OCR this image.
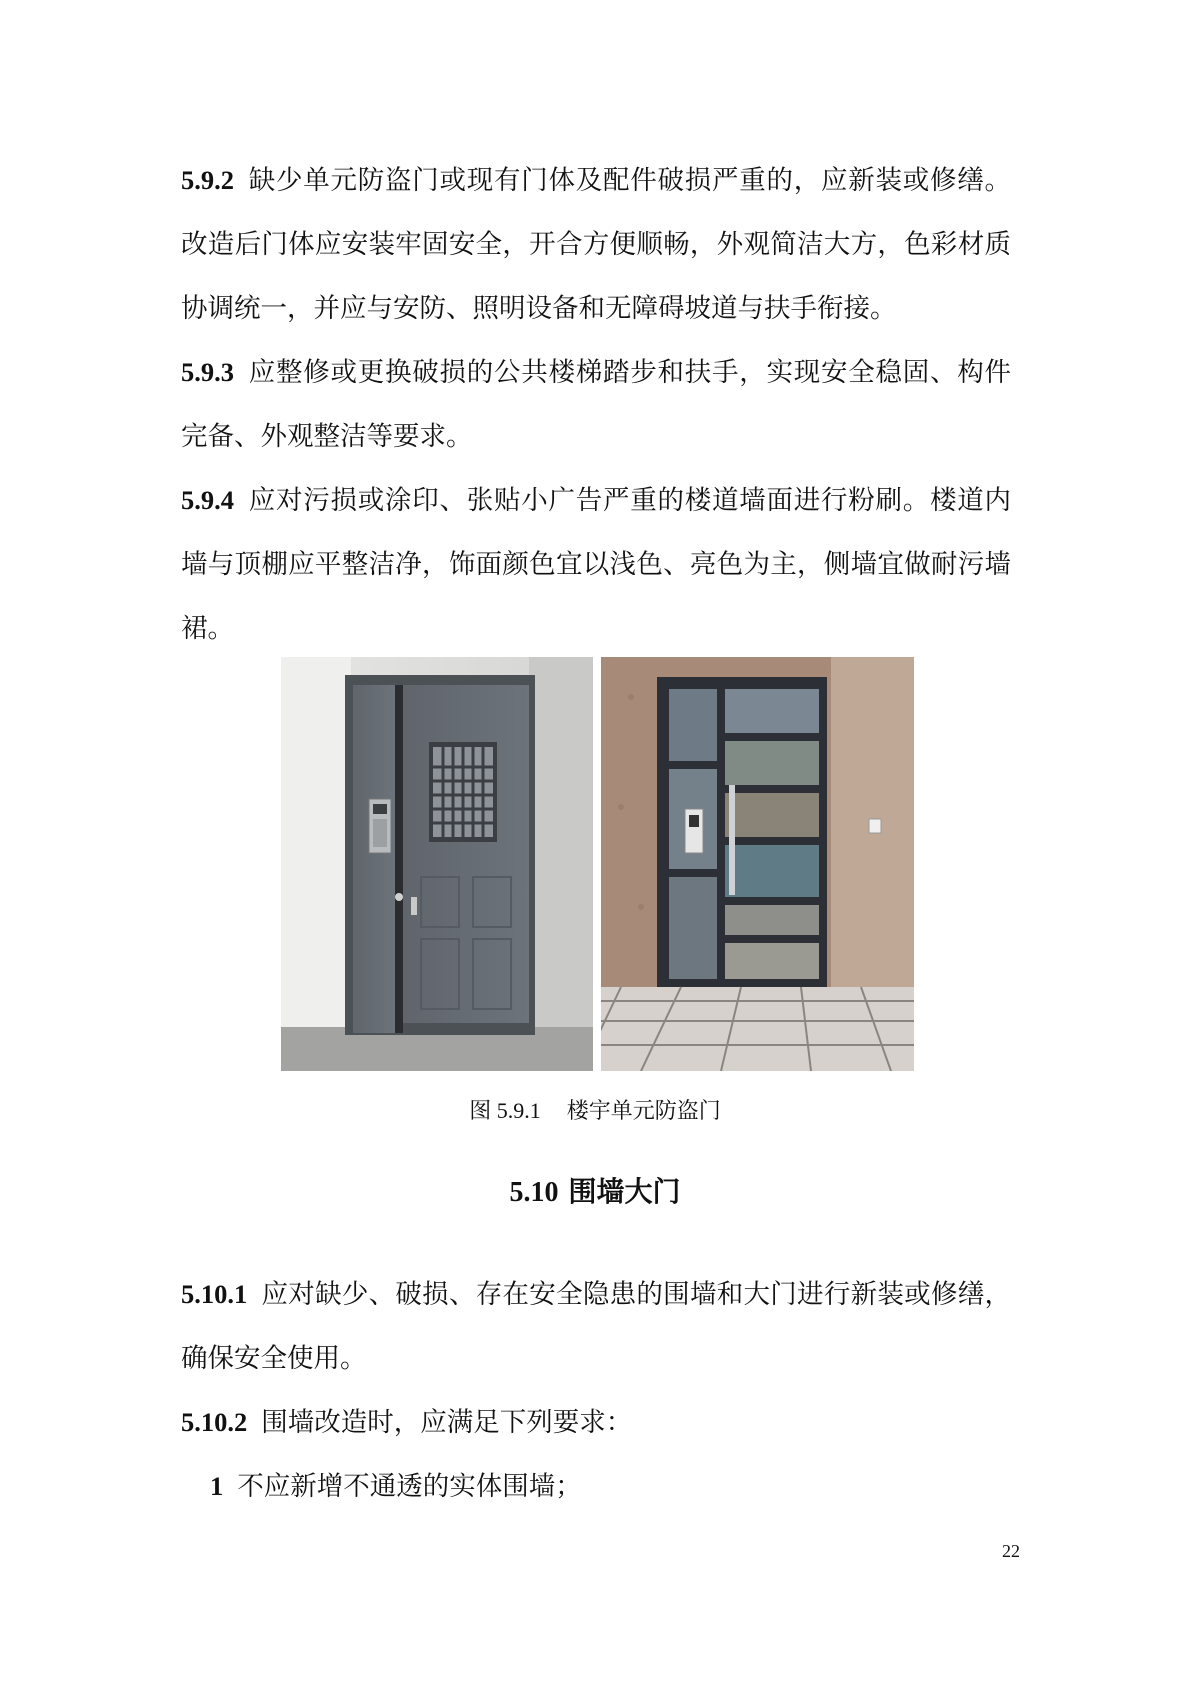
5.9.2 缺少单元防盗门或现有门体及配件破损严重的，应新装或修缮。改造后门体应安装牢固安全，开合方便顺畅，外观简洁大方，色彩材质协调统一，并应与安防、照明设备和无障碍坡道与扶手衔接。

5.9.3 应整修或更换破损的公共楼梯踏步和扶手，实现安全稳固、构件完备、外观整洁等要求。

5.9.4 应对污损或涂印、张贴小广告严重的楼道墙面进行粉刷。楼道内墙与顶棚应平整洁净，饰面颜色宜以浅色、亮色为主，侧墙宜做耐污墙裙。

图 5.9.1 楼宇单元防盗门
5.10 围墙大门

5.10.1 应对缺少、破损、存在安全隐患的围墙和大门进行新装或修缮，确保安全使用。

5.10.2 围墙改造时，应满足下列要求：

1 不应新增不通透的实体围墙；

22
